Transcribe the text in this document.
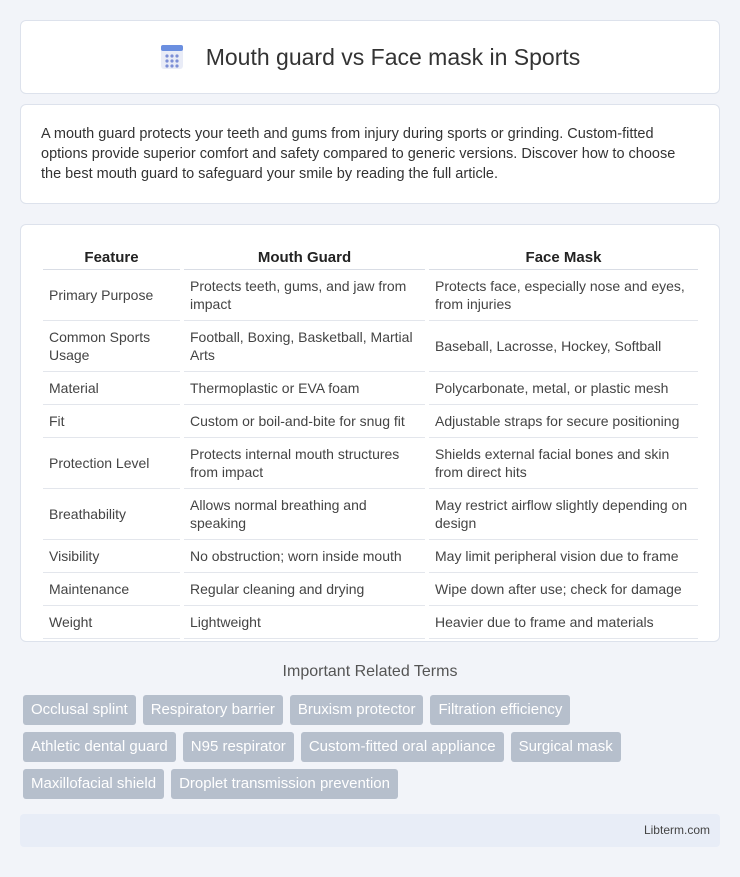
Mouth guard vs Face mask in Sports

A mouth guard protects your teeth and gums from injury during sports or grinding. Custom-fitted options provide superior comfort and safety compared to generic versions. Discover how to choose the best mouth guard to safeguard your smile by reading the full article.

Feature	Mouth Guard	Face Mask
Primary Purpose	Protects teeth, gums, and jaw from impact	Protects face, especially nose and eyes, from injuries
Common Sports Usage	Football, Boxing, Basketball, Martial Arts	Baseball, Lacrosse, Hockey, Softball
Material	Thermoplastic or EVA foam	Polycarbonate, metal, or plastic mesh
Fit	Custom or boil-and-bite for snug fit	Adjustable straps for secure positioning
Protection Level	Protects internal mouth structures from impact	Shields external facial bones and skin from direct hits
Breathability	Allows normal breathing and speaking	May restrict airflow slightly depending on design
Visibility	No obstruction; worn inside mouth	May limit peripheral vision due to frame
Maintenance	Regular cleaning and drying	Wipe down after use; check for damage
Weight	Lightweight	Heavier due to frame and materials
Important Related Terms
Occlusal splint	Respiratory barrier	Bruxism protector	Filtration efficiency
Athletic dental guard	N95 respirator	Custom-fitted oral appliance	Surgical mask
Maxillofacial shield	Droplet transmission prevention
Libterm.com
